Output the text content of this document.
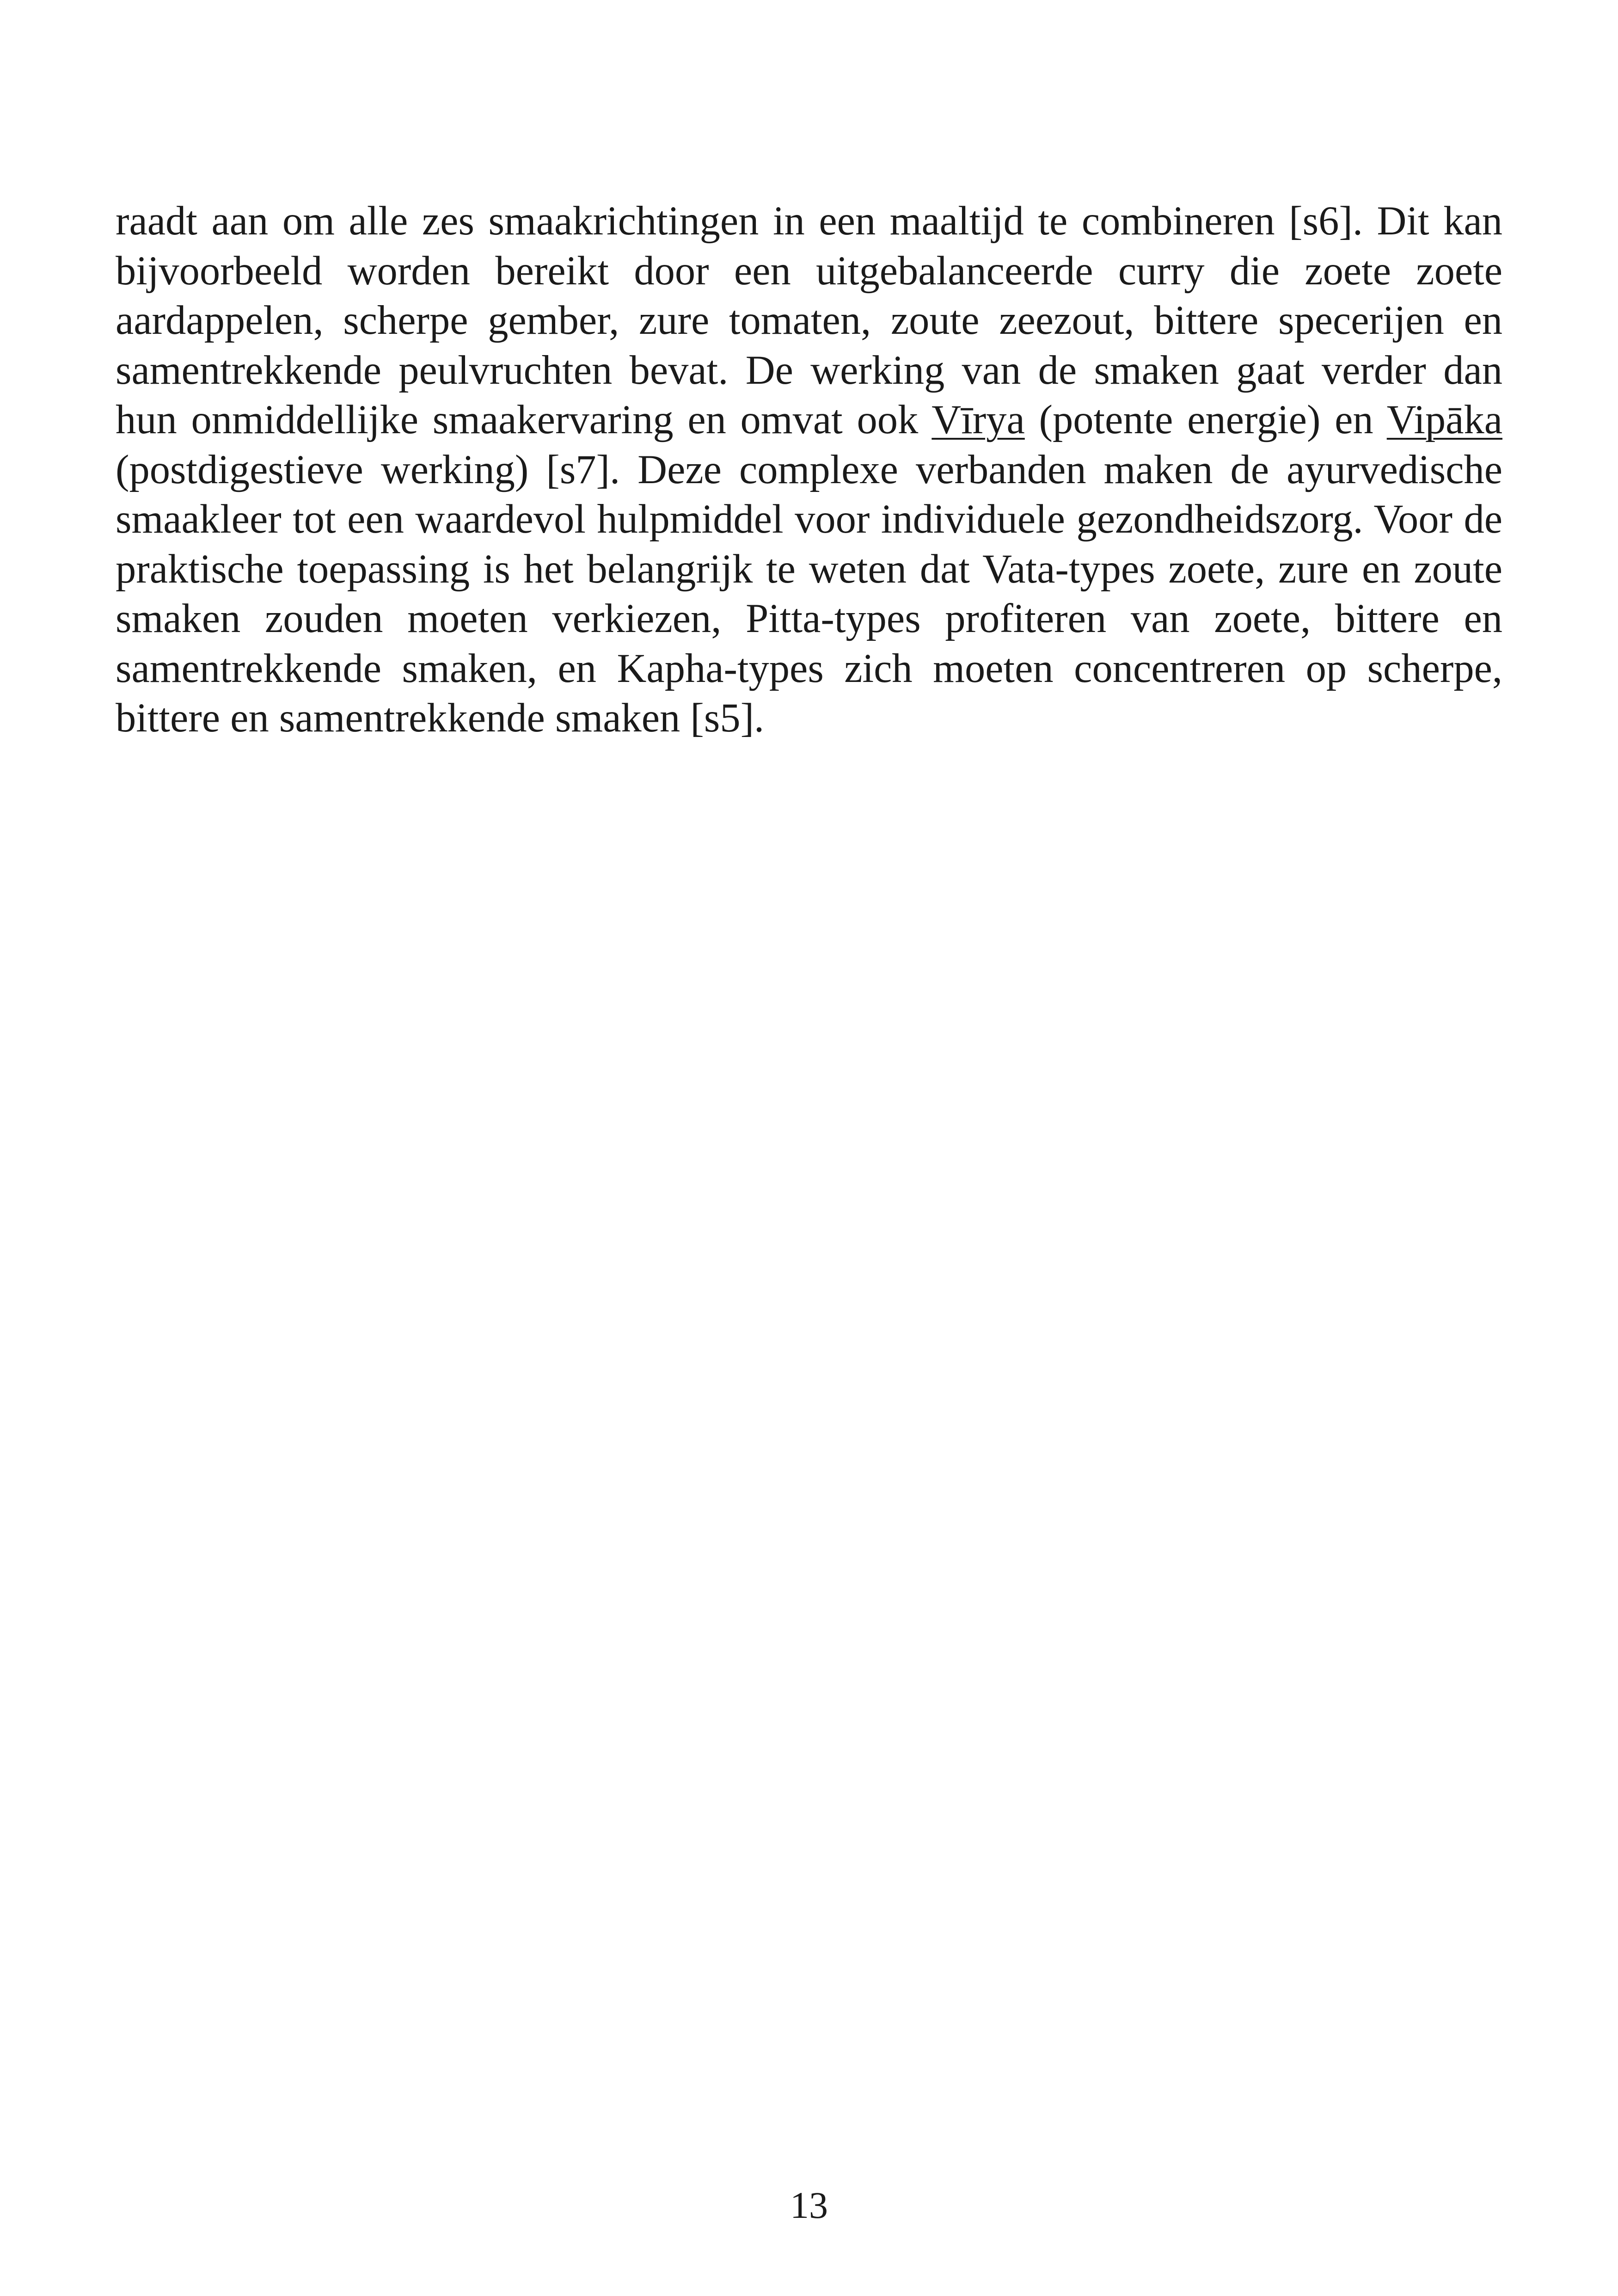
raadt aan om alle zes smaakrichtingen in een maaltijd te combineren [s6]. Dit kan bijvoorbeeld worden bereikt door een uitgebalanceerde curry die zoete zoete aardappelen, scherpe gember, zure tomaten, zoute zeezout, bittere specerijen en samentrekkende peulvruchten bevat. De werking van de smaken gaat verder dan hun onmiddellijke smaakervaring en omvat ook Vīrya (potente energie) en Vipāka (postdigestieve werking) [s7]. Deze complexe verbanden maken de ayurvedische smaakleer tot een waardevol hulpmiddel voor individuele gezondheidszorg. Voor de praktische toepassing is het belangrijk te weten dat Vata-types zoete, zure en zoute smaken zouden moeten verkiezen, Pitta-types profiteren van zoete, bittere en samentrekkende smaken, en Kapha-types zich moeten concentreren op scherpe, bittere en samentrekkende smaken [s5].

13
